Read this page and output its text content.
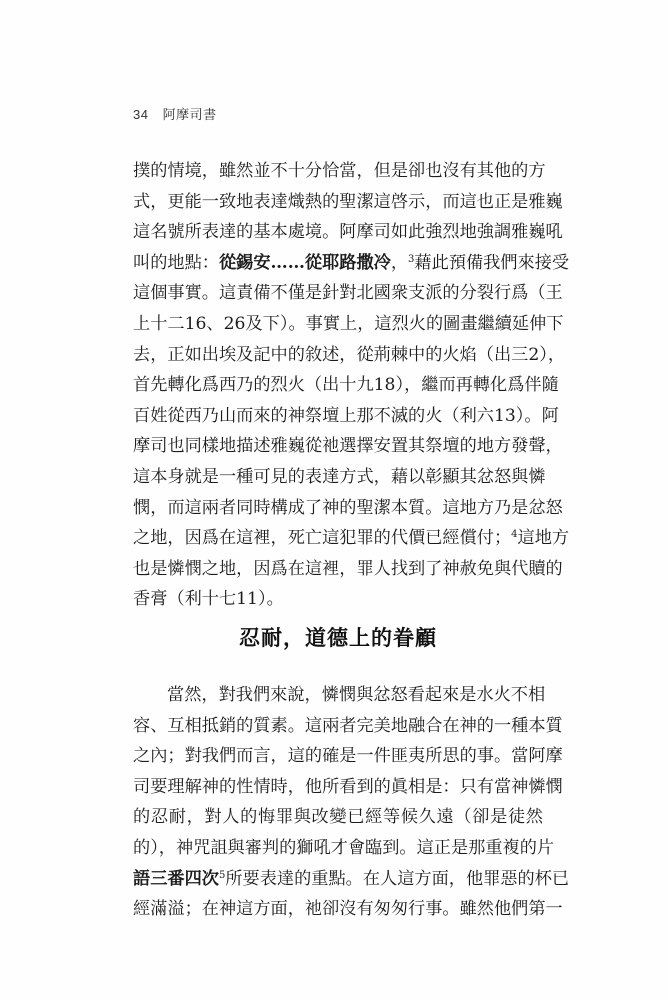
34 阿摩司書
撲的情境，雖然並不十分恰當，但是卻也沒有其他的方
式，更能一致地表達熾熱的聖潔這啓示，而這也正是雅巍
這名號所表達的基本處境。阿摩司如此強烈地強調雅巍吼
叫的地點：從錫安……從耶路撒冷，$^3$藉此預備我們來接受
這個事實。這責備不僅是針對北國衆支派的分裂行爲（王
上十二16、26及下）。事實上，這烈火的圖畫繼續延伸下
去，正如出埃及記中的敘述，從荊棘中的火焰（出三2），
首先轉化爲西乃的烈火（出十九18），繼而再轉化爲伴隨
百姓從西乃山而來的神祭壇上那不滅的火（利六13）。阿
摩司也同樣地描述雅巍從祂選擇安置其祭壇的地方發聲，
這本身就是一種可見的表達方式，藉以彰顯其忿怒與憐
憫，而這兩者同時構成了神的聖潔本質。這地方乃是忿怒
之地，因爲在這裡，死亡這犯罪的代價已經償付；$^4$這地方
也是憐憫之地，因爲在這裡，罪人找到了神赦免與代贖的
香膏（利十七11）。
忍耐，道德上的眷顧
當然，對我們來說，憐憫與忿怒看起來是水火不相
容、互相抵銷的質素。這兩者完美地融合在神的一種本質
之內；對我們而言，這的確是一件匪夷所思的事。當阿摩
司要理解神的性情時，他所看到的眞相是：只有當神憐憫
的忍耐，對人的悔罪與改變已經等候久遠（卻是徒然
的），神咒詛與審判的獅吼才會臨到。這正是那重複的片
語三番四次$^5$所要表達的重點。在人這方面，他罪惡的杯已
經滿溢；在神這方面，祂卻沒有匆匆行事。雖然他們第一
